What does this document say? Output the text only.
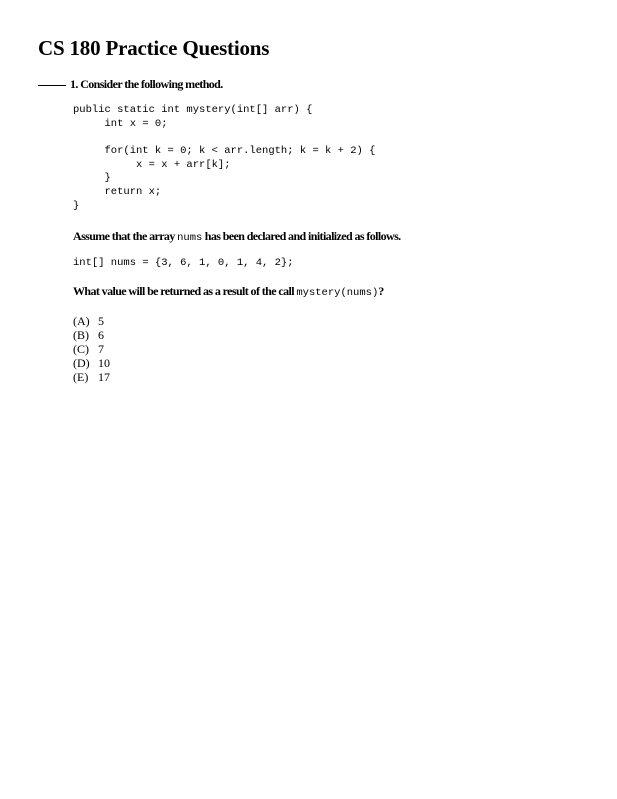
CS 180 Practice Questions
1. Consider the following method.
public static int mystery(int[] arr) {
int x = 0;
for(int k = 0; k < arr.length; k = k + 2) {
x = x + arr[k];
}
return x;
}
Assume that the array nums has been declared and initialized as follows.
int[] nums = {3, 6, 1, 0, 1, 4, 2};
What value will be returned as a result of the call mystery(nums)?
(A) 5
(B) 6
(C) 7
(D) 10
(E) 17
